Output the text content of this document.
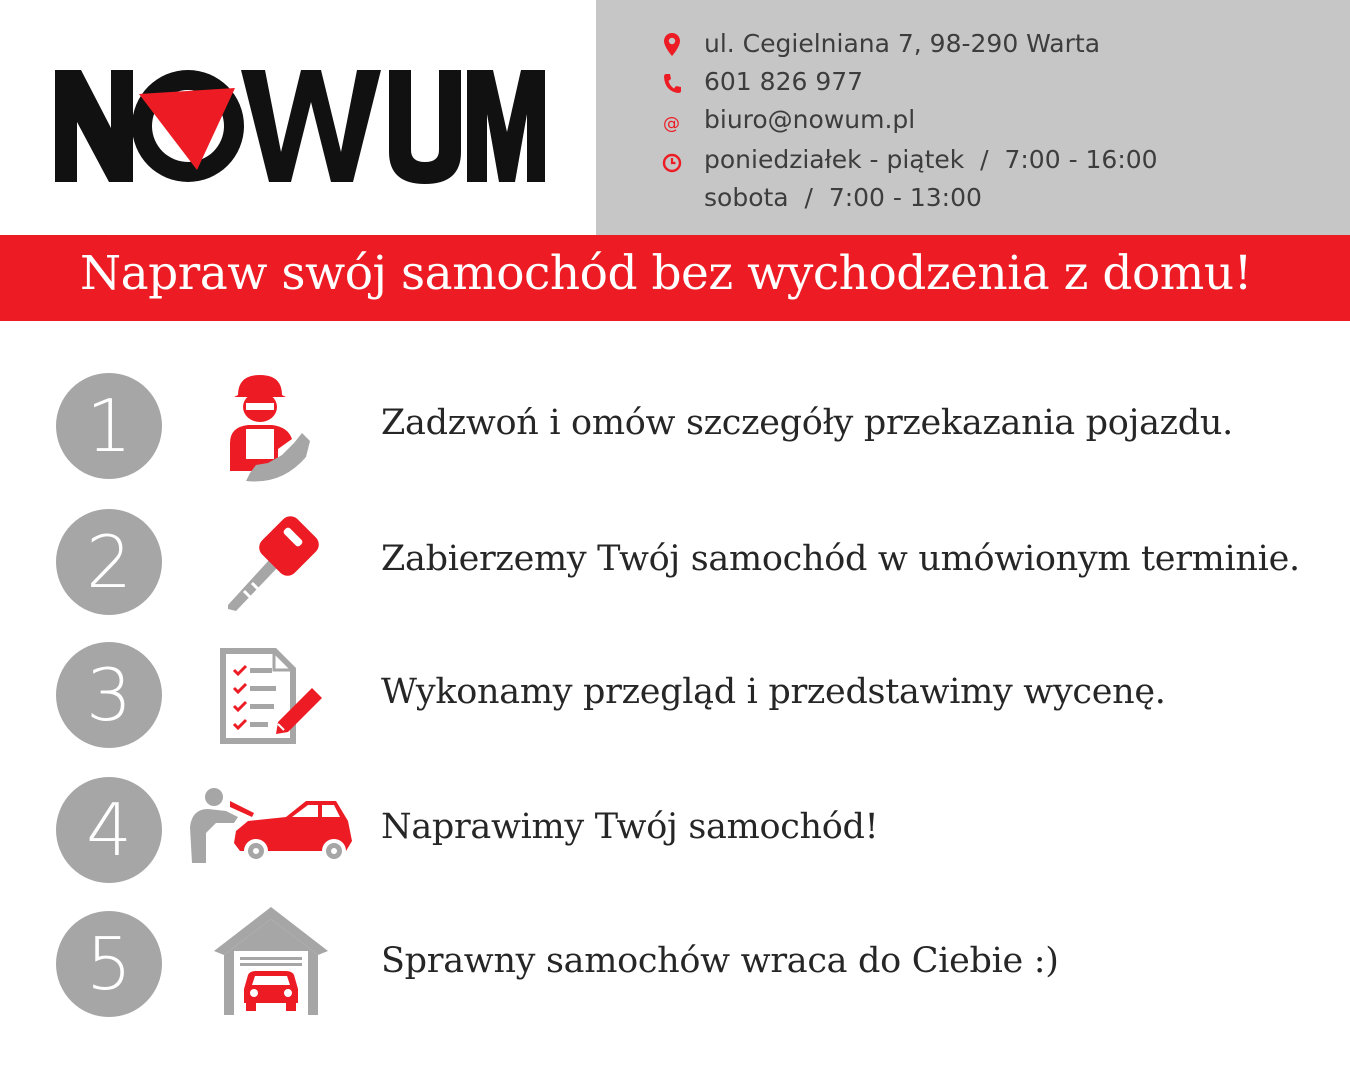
ul. Cegielniana 7, 98-290 Warta
601 826 977
@ biuro@nowum.pl
poniedziałek - piątek  /  7:00 - 16:00
sobota  /  7:00 - 13:00
Napraw swój samochód bez wychodzenia z domu!
1	Zadzwoń i omów szczegóły przekazania pojazdu.
2	Zabierzemy Twój samochód w umówionym terminie.
3	Wykonamy przegląd i przedstawimy wycenę.
4	Naprawimy Twój samochód!
5	Sprawny samochów wraca do Ciebie :)
